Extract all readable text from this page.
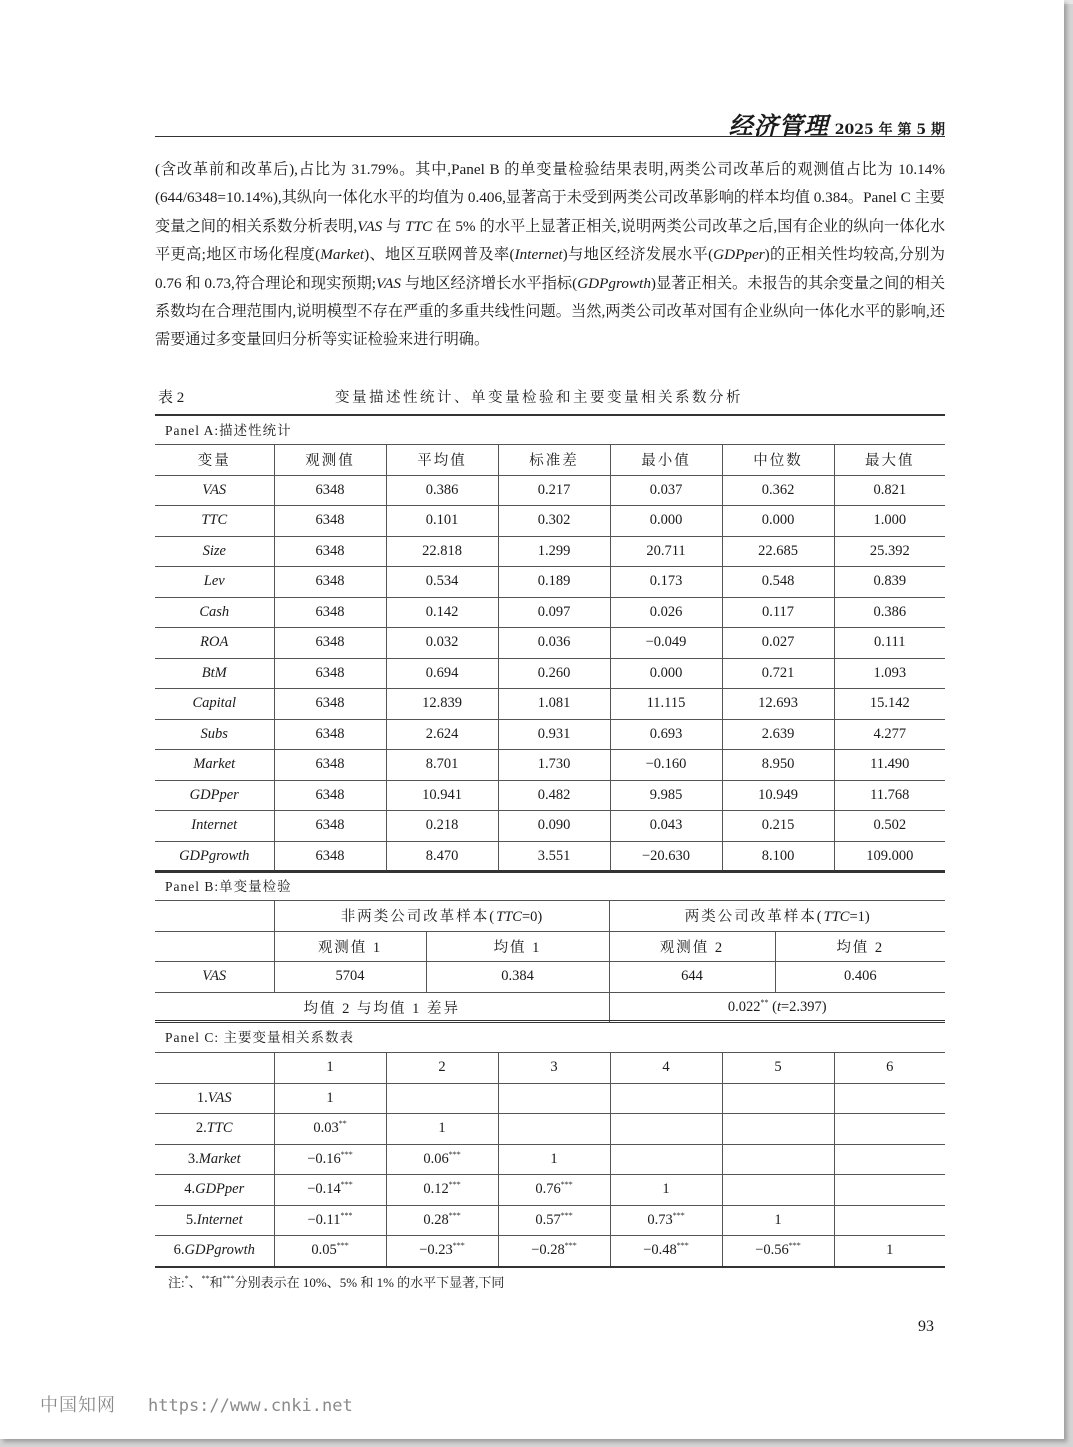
经济管理 2025 年 第 5 期

(含改革前和改革后),占比为 31.79%。其中,Panel B 的单变量检验结果表明,两类公司改革后的观测值占比为 10.14%(644/6348=10.14%),其纵向一体化水平的均值为 0.406,显著高于未受到两类公司改革影响的样本均值 0.384。Panel C 主要变量之间的相关系数分析表明,VAS 与 TTC 在 5% 的水平上显著正相关,说明两类公司改革之后,国有企业的纵向一体化水平更高;地区市场化程度(Market)、地区互联网普及率(Internet)与地区经济发展水平(GDPper)的正相关性均较高,分别为 0.76 和 0.73,符合理论和现实预期;VAS 与地区经济增长水平指标(GDPgrowth)显著正相关。未报告的其余变量之间的相关系数均在合理范围内,说明模型不存在严重的多重共线性问题。当然,两类公司改革对国有企业纵向一体化水平的影响,还需要通过多变量回归分析等实证检验来进行明确。

表 2	变量描述性统计、单变量检验和主要变量相关系数分析
Panel A:描述性统计
变量	观测值	平均值	标准差	最小值	中位数	最大值
VAS	6348	0.386	0.217	0.037	0.362	0.821
TTC	6348	0.101	0.302	0.000	0.000	1.000
Size	6348	22.818	1.299	20.711	22.685	25.392
Lev	6348	0.534	0.189	0.173	0.548	0.839
Cash	6348	0.142	0.097	0.026	0.117	0.386
ROA	6348	0.032	0.036	−0.049	0.027	0.111
BtM	6348	0.694	0.260	0.000	0.721	1.093
Capital	6348	12.839	1.081	11.115	12.693	15.142
Subs	6348	2.624	0.931	0.693	2.639	4.277
Market	6348	8.701	1.730	−0.160	8.950	11.490
GDPper	6348	10.941	0.482	9.985	10.949	11.768
Internet	6348	0.218	0.090	0.043	0.215	0.502
GDPgrowth	6348	8.470	3.551	−20.630	8.100	109.000
Panel B:单变量检验
	非两类公司改革样本(TTC=0)		两类公司改革样本(TTC=1)	
	观测值 1	均值 1	观测值 2	均值 2
VAS	5704	0.384	644	0.406
均值 2 与均值 1 差异			0.022** (t=2.397)	
Panel C: 主要变量相关系数表
	1	2	3	4	5	6
1.VAS	1					
2.TTC	0.03**	1				
3.Market	−0.16***	0.06***	1			
4.GDPper	−0.14***	0.12***	0.76***	1		
5.Internet	−0.11***	0.28***	0.57***	0.73***	1	
6.GDPgrowth	0.05***	−0.23***	−0.28***	−0.48***	−0.56***	1
注:*、**和***分别表示在 10%、5% 和 1% 的水平下显著,下同
93
中国知网 https://www.cnki.net
